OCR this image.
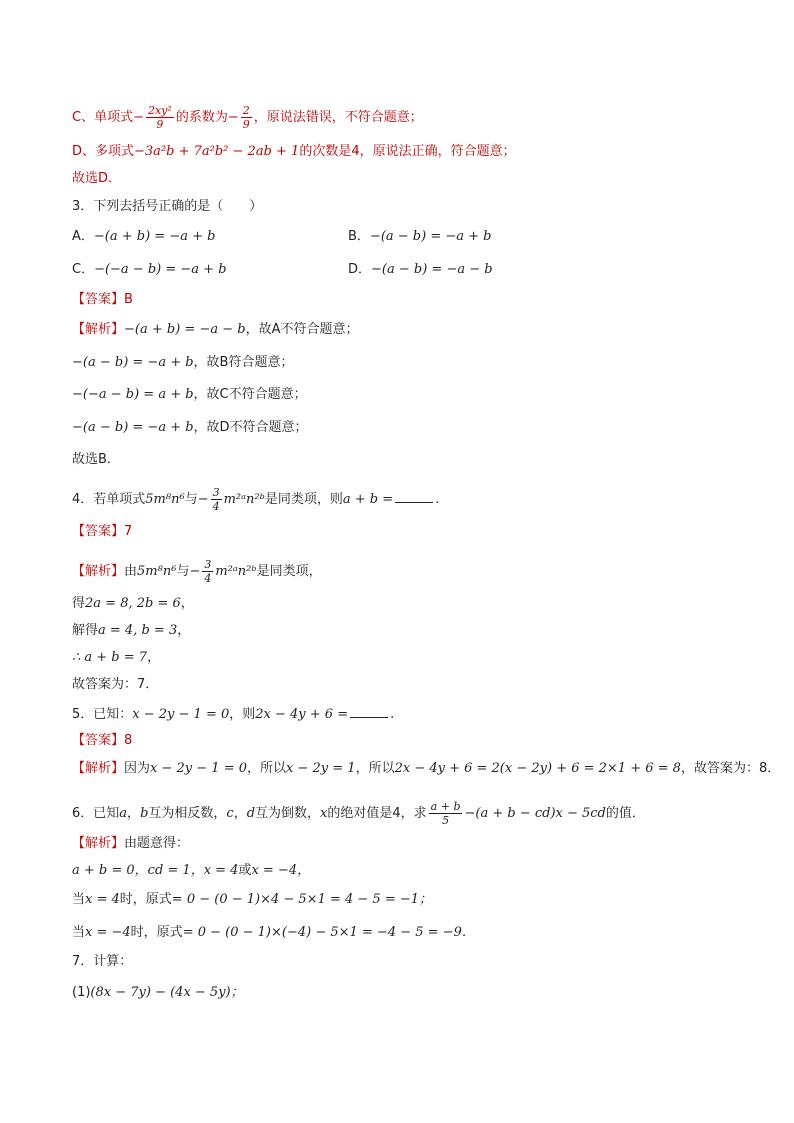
C、单项式− $\frac{\text{2xy²}}{9}$ 的系数为− $\frac{2}{9}$ ，原说法错误，不符合题意；
D、多项式−3a²b + 7a²b² − 2ab + 1的次数是4，原说法正确，符合题意；
故选D．
3．下列去括号正确的是（　　）
A．−(a + b) = −a + b	B．−(a − b) = −a + b
C．−(−a − b) = −a + b	D．−(a − b) = −a − b
【答案】B
【解析】−(a + b) = −a − b，故A不符合题意；
−(a − b) = −a + b，故B符合题意；
−(−a − b) = a + b，故C不符合题意；
−(a − b) = −a + b，故D不符合题意；
故选B．
4．若单项式5m⁸n⁶与− $\frac{3}{4}$ m²ᵃn²ᵇ是同类项，则a + b =	.
【答案】7
【解析】由5m⁸n⁶与− $\frac{3}{4}$ m²ᵃn²ᵇ是同类项，
得2a = 8, 2b = 6，
解得a = 4, b = 3，
∴ a + b = 7，
故答案为：7．
5．已知：x − 2y − 1 = 0，则2x − 4y + 6 =	.
【答案】8
【解析】因为x − 2y − 1 = 0，所以x − 2y = 1，所以2x − 4y + 6 = 2(x − 2y) + 6 = 2×1 + 6 = 8，故答案为：8．
6．已知a，b互为相反数，c，d互为倒数，x的绝对值是4，求 $\frac{a + b}{5} -(a + b - cd)x - 5cd$的值．
【解析】由题意得：
a + b = 0，cd = 1，x = 4或x = −4，
当x = 4时，原式= 0 − (0 − 1)×4 − 5×1 = 4 − 5 = −1；
当x = −4时，原式= 0 − (0 − 1)×(−4) − 5×1 = −4 − 5 = −9．
7．计算：
(1)(8x − 7y) − (4x − 5y)；
